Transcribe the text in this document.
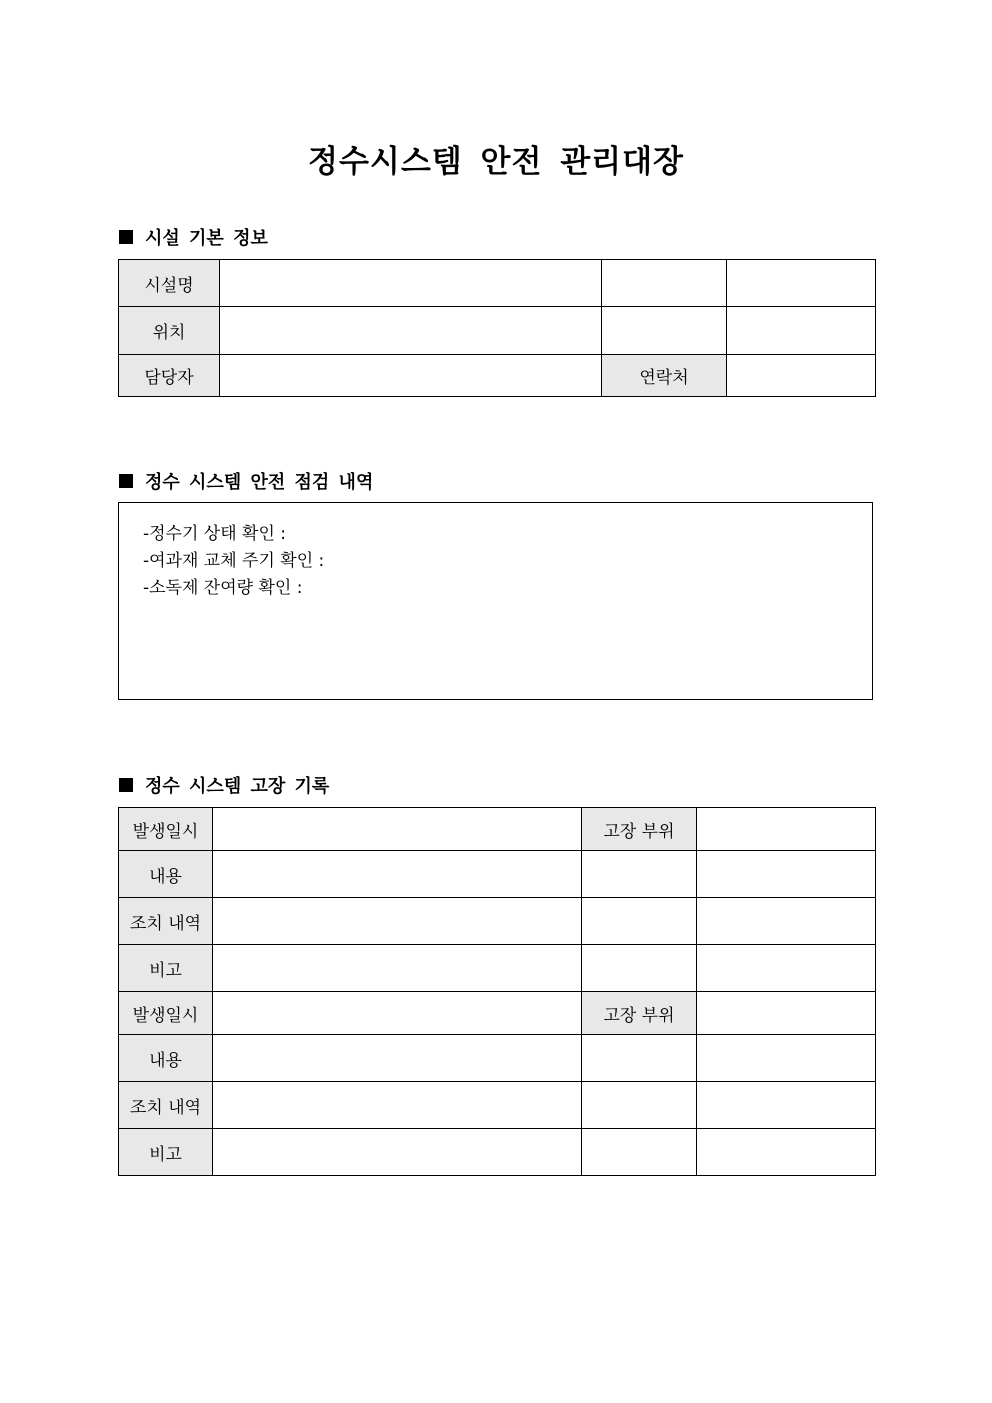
정수시스템 안전 관리대장
시설 기본 정보
시설명			
위치			
담당자		연락처	
정수 시스템 안전 점검 내역
-정수기 상태 확인 :
-여과재 교체 주기 확인 :
-소독제 잔여량 확인 :
정수 시스템 고장 기록
발생일시		고장 부위	
내용			
조치 내역			
비고			
발생일시		고장 부위	
내용			
조치 내역			
비고			
